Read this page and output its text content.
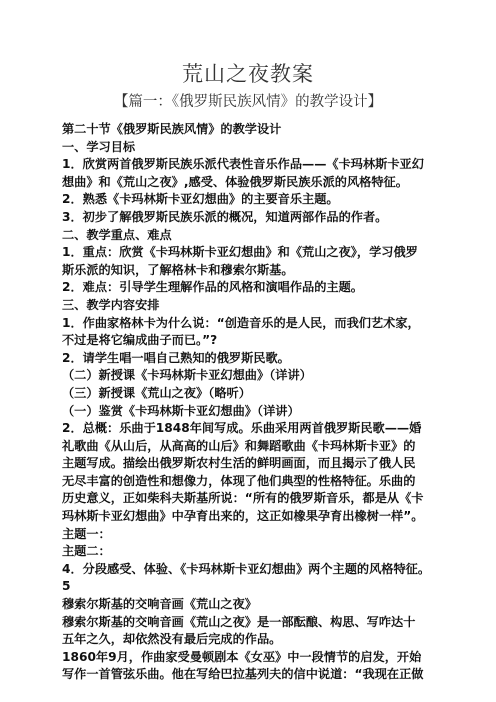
荒山之夜教案
【篇一：《俄罗斯民族风情》的教学设计】
第二十节《俄罗斯民族风情》的教学设计
一、学习目标
1．欣赏两首俄罗斯民族乐派代表性音乐作品——《卡玛林斯卡亚幻
想曲》和《荒山之夜》,感受、体验俄罗斯民族乐派的风格特征。
2．熟悉《卡玛林斯卡亚幻想曲》的主要音乐主题。
3．初步了解俄罗斯民族乐派的概况，知道两部作品的作者。
二、教学重点、难点
1．重点：欣赏《卡玛林斯卡亚幻想曲》和《荒山之夜》，学习俄罗
斯乐派的知识，了解格林卡和穆索尔斯基。
2．难点：引导学生理解作品的风格和演唱作品的主题。
三、教学内容安排
1．作曲家格林卡为什么说：“创造音乐的是人民，而我们艺术家，
不过是将它编成曲子而已。”?
2．请学生唱一唱自己熟知的俄罗斯民歌。
（二）新授课《卡玛林斯卡亚幻想曲》（详讲）
（三）新授课《荒山之夜》（略听）
（一）鉴赏《卡玛林斯卡亚幻想曲》（详讲）
2．总概：乐曲于1848年间写成。乐曲采用两首俄罗斯民歌——婚
礼歌曲《从山后，从高高的山后》和舞蹈歌曲《卡玛林斯卡亚》的
主题写成。描绘出俄罗斯农村生活的鲜明画面，而且揭示了俄人民
无尽丰富的创造性和想像力，体现了他们典型的性格特征。乐曲的
历史意义，正如柴科夫斯基所说：“所有的俄罗斯音乐，都是从《卡
玛林斯卡亚幻想曲》中孕育出来的，这正如橡果孕育出橡树一样”。
主题一：
主题二：
4．分段感受、体验、《卡玛林斯卡亚幻想曲》两个主题的风格特征。
5
穆索尔斯基的交响音画《荒山之夜》
穆索尔斯基的交响音画《荒山之夜》是一部酝酿、构思、写咋达十
五年之久，却依然没有最后完成的作品。
1860年9月，作曲家受曼顿剧本《女巫》中一段情节的启发，开始
写作一首管弦乐曲。他在写给巴拉基列夫的信中说道：“我现在正做
